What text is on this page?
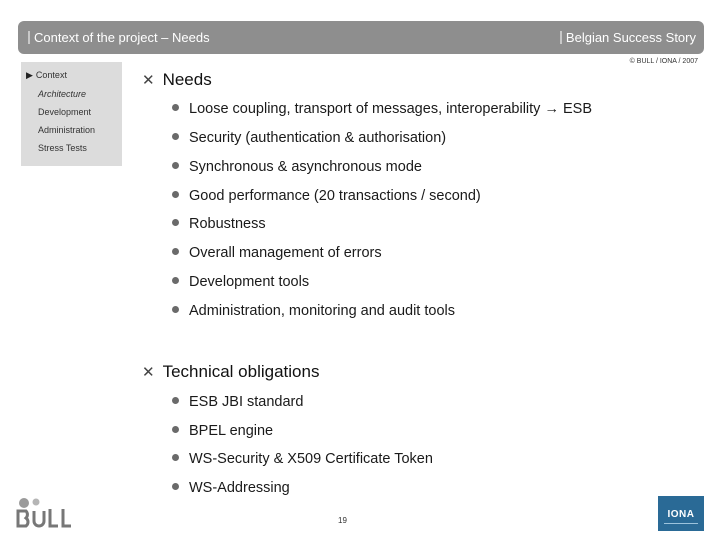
Context of the project – Needs	Belgian Success Story
© BULL / IONA / 2007
▶ Context
Architecture
Development
Administration
Stress Tests
✕ Needs
Loose coupling, transport of messages, interoperability → ESB
Security (authentication & authorisation)
Synchronous & asynchronous mode
Good performance (20 transactions / second)
Robustness
Overall management of errors
Development tools
Administration, monitoring and audit tools
✕ Technical obligations
ESB JBI standard
BPEL engine
WS-Security & X509 Certificate Token
WS-Addressing
19
IONA
